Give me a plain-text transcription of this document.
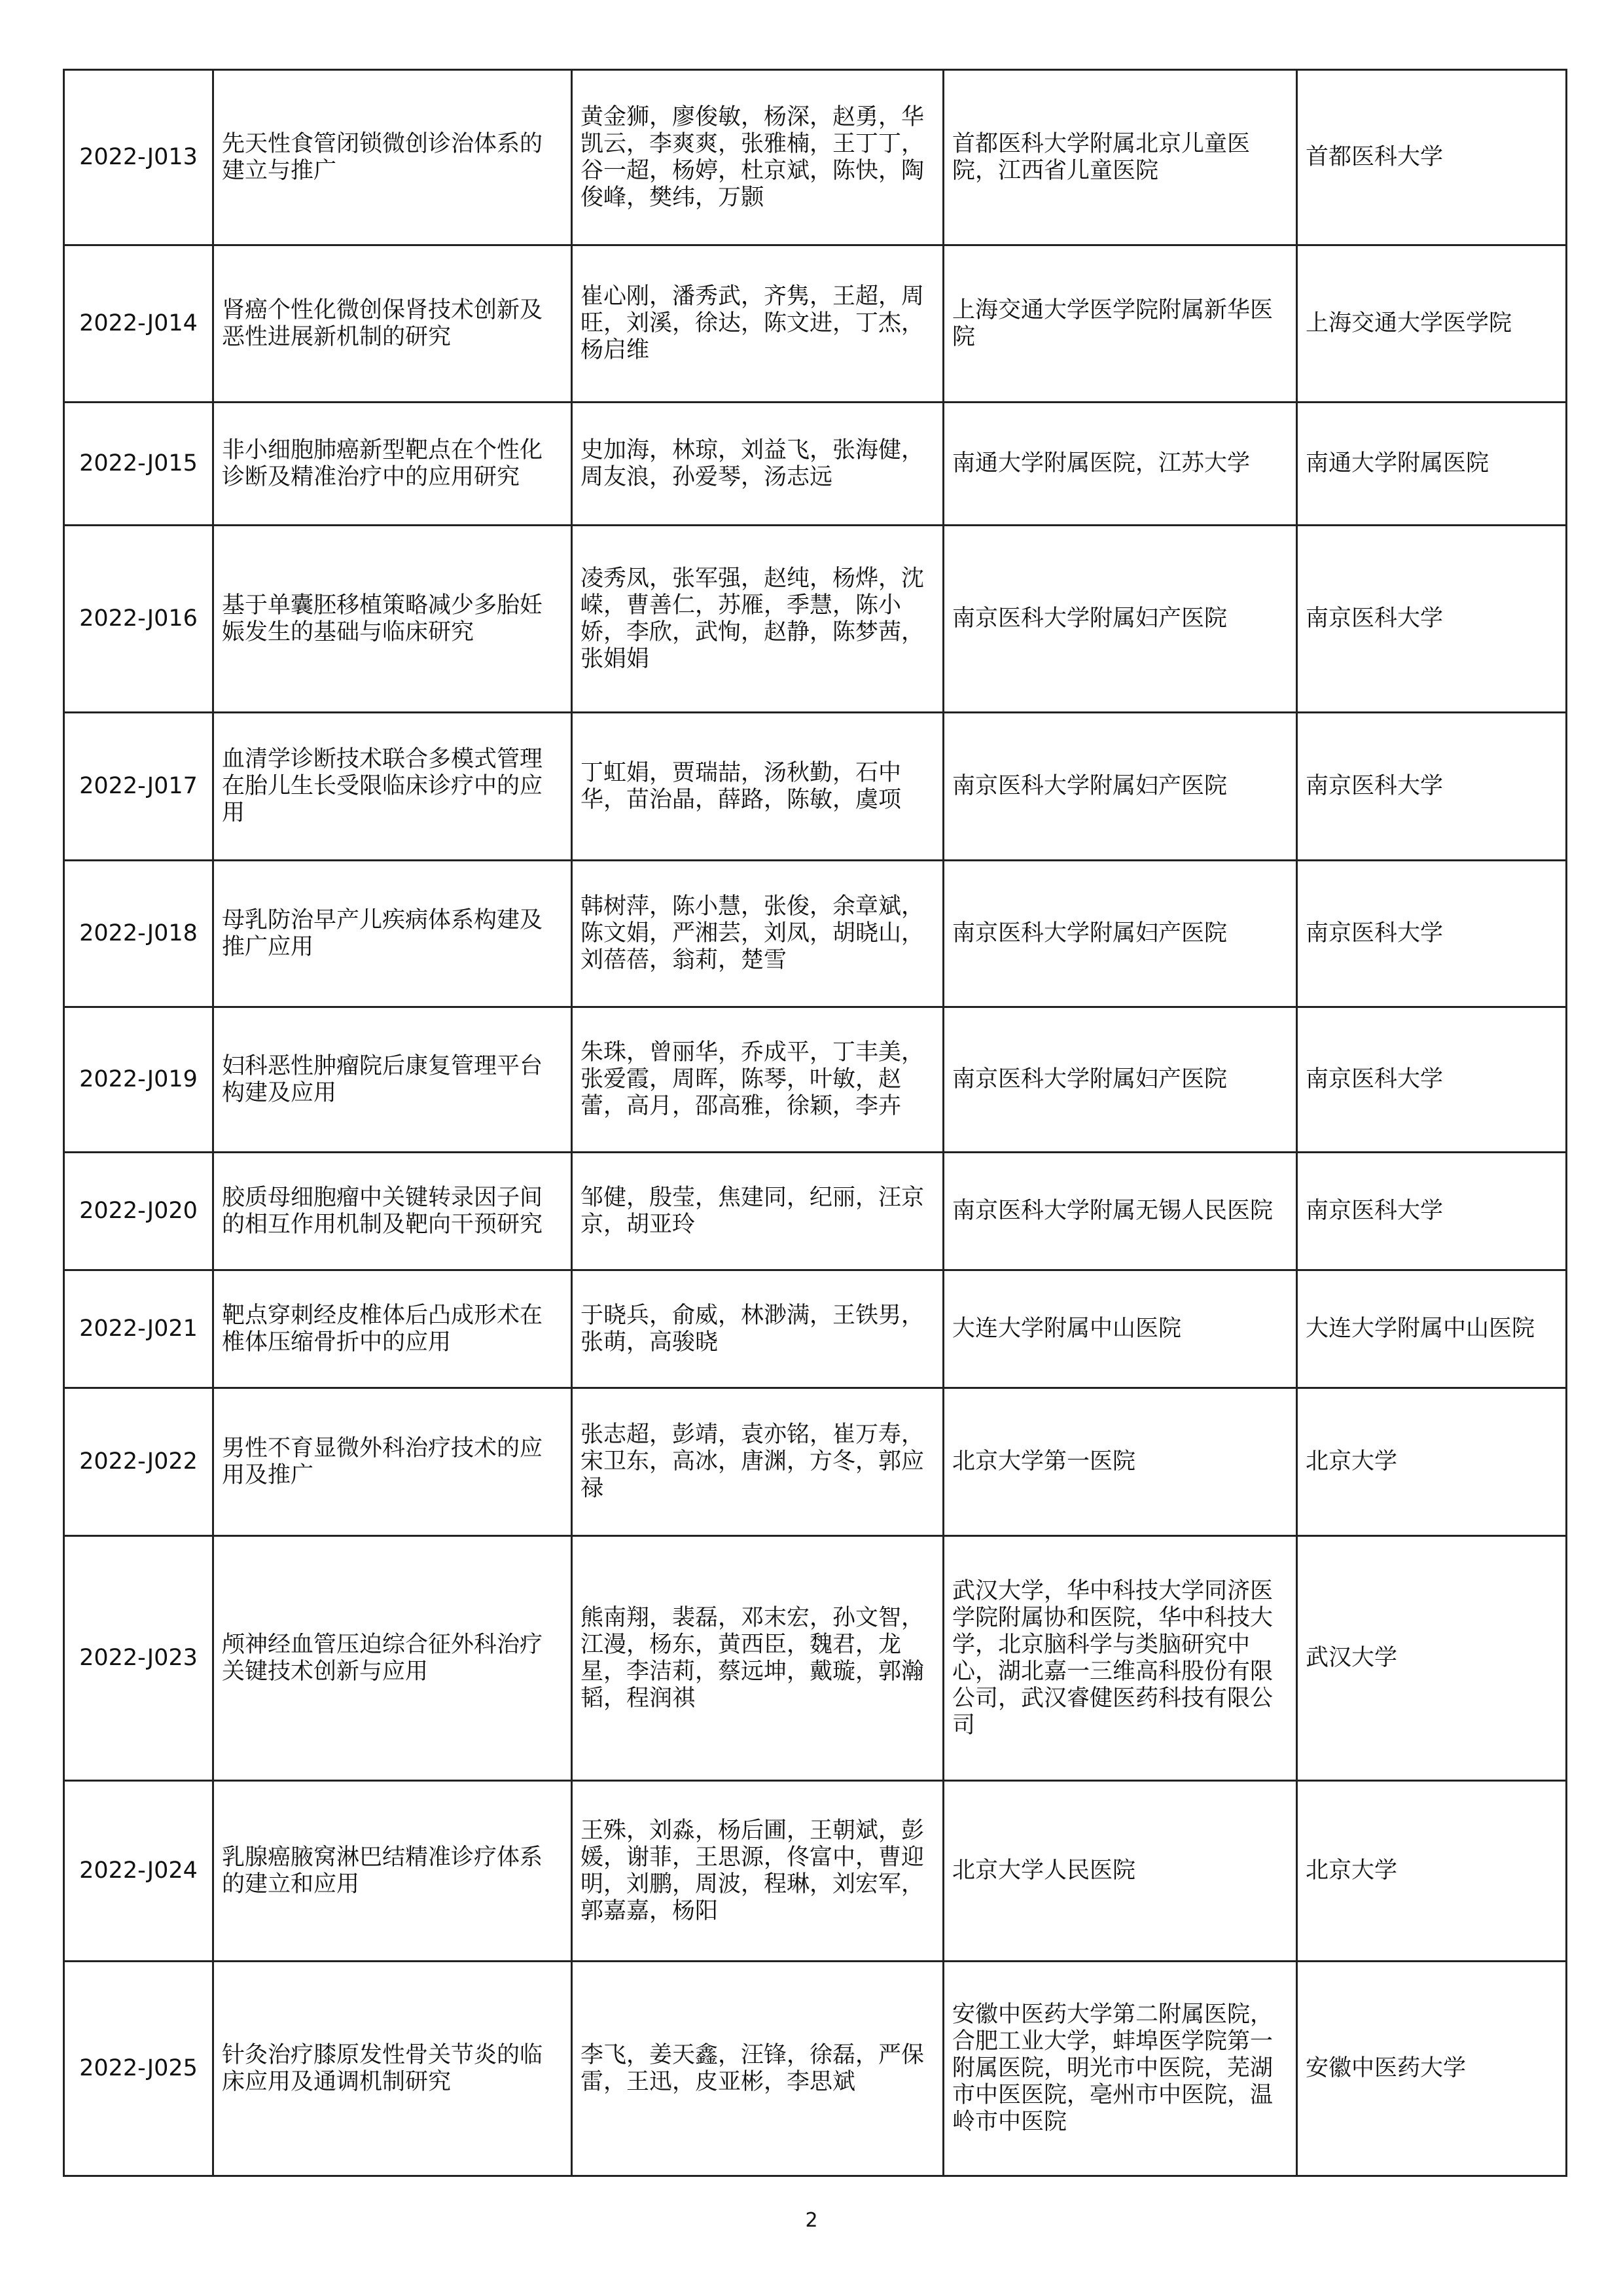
2022-J013	先天性食管闭锁微创诊治体系的建立与推广	黄金狮，廖俊敏，杨深，赵勇，华凯云，李爽爽，张雅楠，王丁丁，谷一超，杨婷，杜京斌，陈快，陶俊峰，樊纬，万颢	首都医科大学附属北京儿童医院，江西省儿童医院	首都医科大学
2022-J014	肾癌个性化微创保肾技术创新及恶性进展新机制的研究	崔心刚，潘秀武，齐隽，王超，周旺，刘溪，徐达，陈文进，丁杰，杨启维	上海交通大学医学院附属新华医院	上海交通大学医学院
2022-J015	非小细胞肺癌新型靶点在个性化诊断及精准治疗中的应用研究	史加海，林琼，刘益飞，张海健，周友浪，孙爱琴，汤志远	南通大学附属医院，江苏大学	南通大学附属医院
2022-J016	基于单囊胚移植策略减少多胎妊娠发生的基础与临床研究	凌秀凤，张军强，赵纯，杨烨，沈嵘，曹善仁，苏雁，季慧，陈小娇，李欣，武恂，赵静，陈梦茜，张娟娟	南京医科大学附属妇产医院	南京医科大学
2022-J017	血清学诊断技术联合多模式管理在胎儿生长受限临床诊疗中的应用	丁虹娟，贾瑞喆，汤秋勤，石中华，苗治晶，薛路，陈敏，虞项	南京医科大学附属妇产医院	南京医科大学
2022-J018	母乳防治早产儿疾病体系构建及推广应用	韩树萍，陈小慧，张俊，余章斌，陈文娟，严湘芸，刘凤，胡晓山，刘蓓蓓，翁莉，楚雪	南京医科大学附属妇产医院	南京医科大学
2022-J019	妇科恶性肿瘤院后康复管理平台构建及应用	朱珠，曾丽华，乔成平，丁丰美，张爱霞，周晖，陈琴，叶敏，赵蕾，高月，邵高雅，徐颖，李卉	南京医科大学附属妇产医院	南京医科大学
2022-J020	胶质母细胞瘤中关键转录因子间的相互作用机制及靶向干预研究	邹健，殷莹，焦建同，纪丽，汪京京，胡亚玲	南京医科大学附属无锡人民医院	南京医科大学
2022-J021	靶点穿刺经皮椎体后凸成形术在椎体压缩骨折中的应用	于晓兵，俞威，林渺满，王铁男，张萌，高骏晓	大连大学附属中山医院	大连大学附属中山医院
2022-J022	男性不育显微外科治疗技术的应用及推广	张志超，彭靖，袁亦铭，崔万寿，宋卫东，高冰，唐渊，方冬，郭应禄	北京大学第一医院	北京大学
2022-J023	颅神经血管压迫综合征外科治疗关键技术创新与应用	熊南翔，裴磊，邓末宏，孙文智，江漫，杨东，黄西臣，魏君，龙星，李洁莉，蔡远坤，戴璇，郭瀚韬，程润祺	武汉大学，华中科技大学同济医学院附属协和医院，华中科技大学，北京脑科学与类脑研究中心，湖北嘉一三维高科股份有限公司，武汉睿健医药科技有限公司	武汉大学
2022-J024	乳腺癌腋窝淋巴结精准诊疗体系的建立和应用	王殊，刘淼，杨后圃，王朝斌，彭媛，谢菲，王思源，佟富中，曹迎明，刘鹏，周波，程琳，刘宏军，郭嘉嘉，杨阳	北京大学人民医院	北京大学
2022-J025	针灸治疗膝原发性骨关节炎的临床应用及通调机制研究	李飞，姜天鑫，汪锋，徐磊，严保雷，王迅，皮亚彬，李思斌	安徽中医药大学第二附属医院，合肥工业大学，蚌埠医学院第一附属医院，明光市中医院，芜湖市中医医院，亳州市中医院，温岭市中医院	安徽中医药大学
2
